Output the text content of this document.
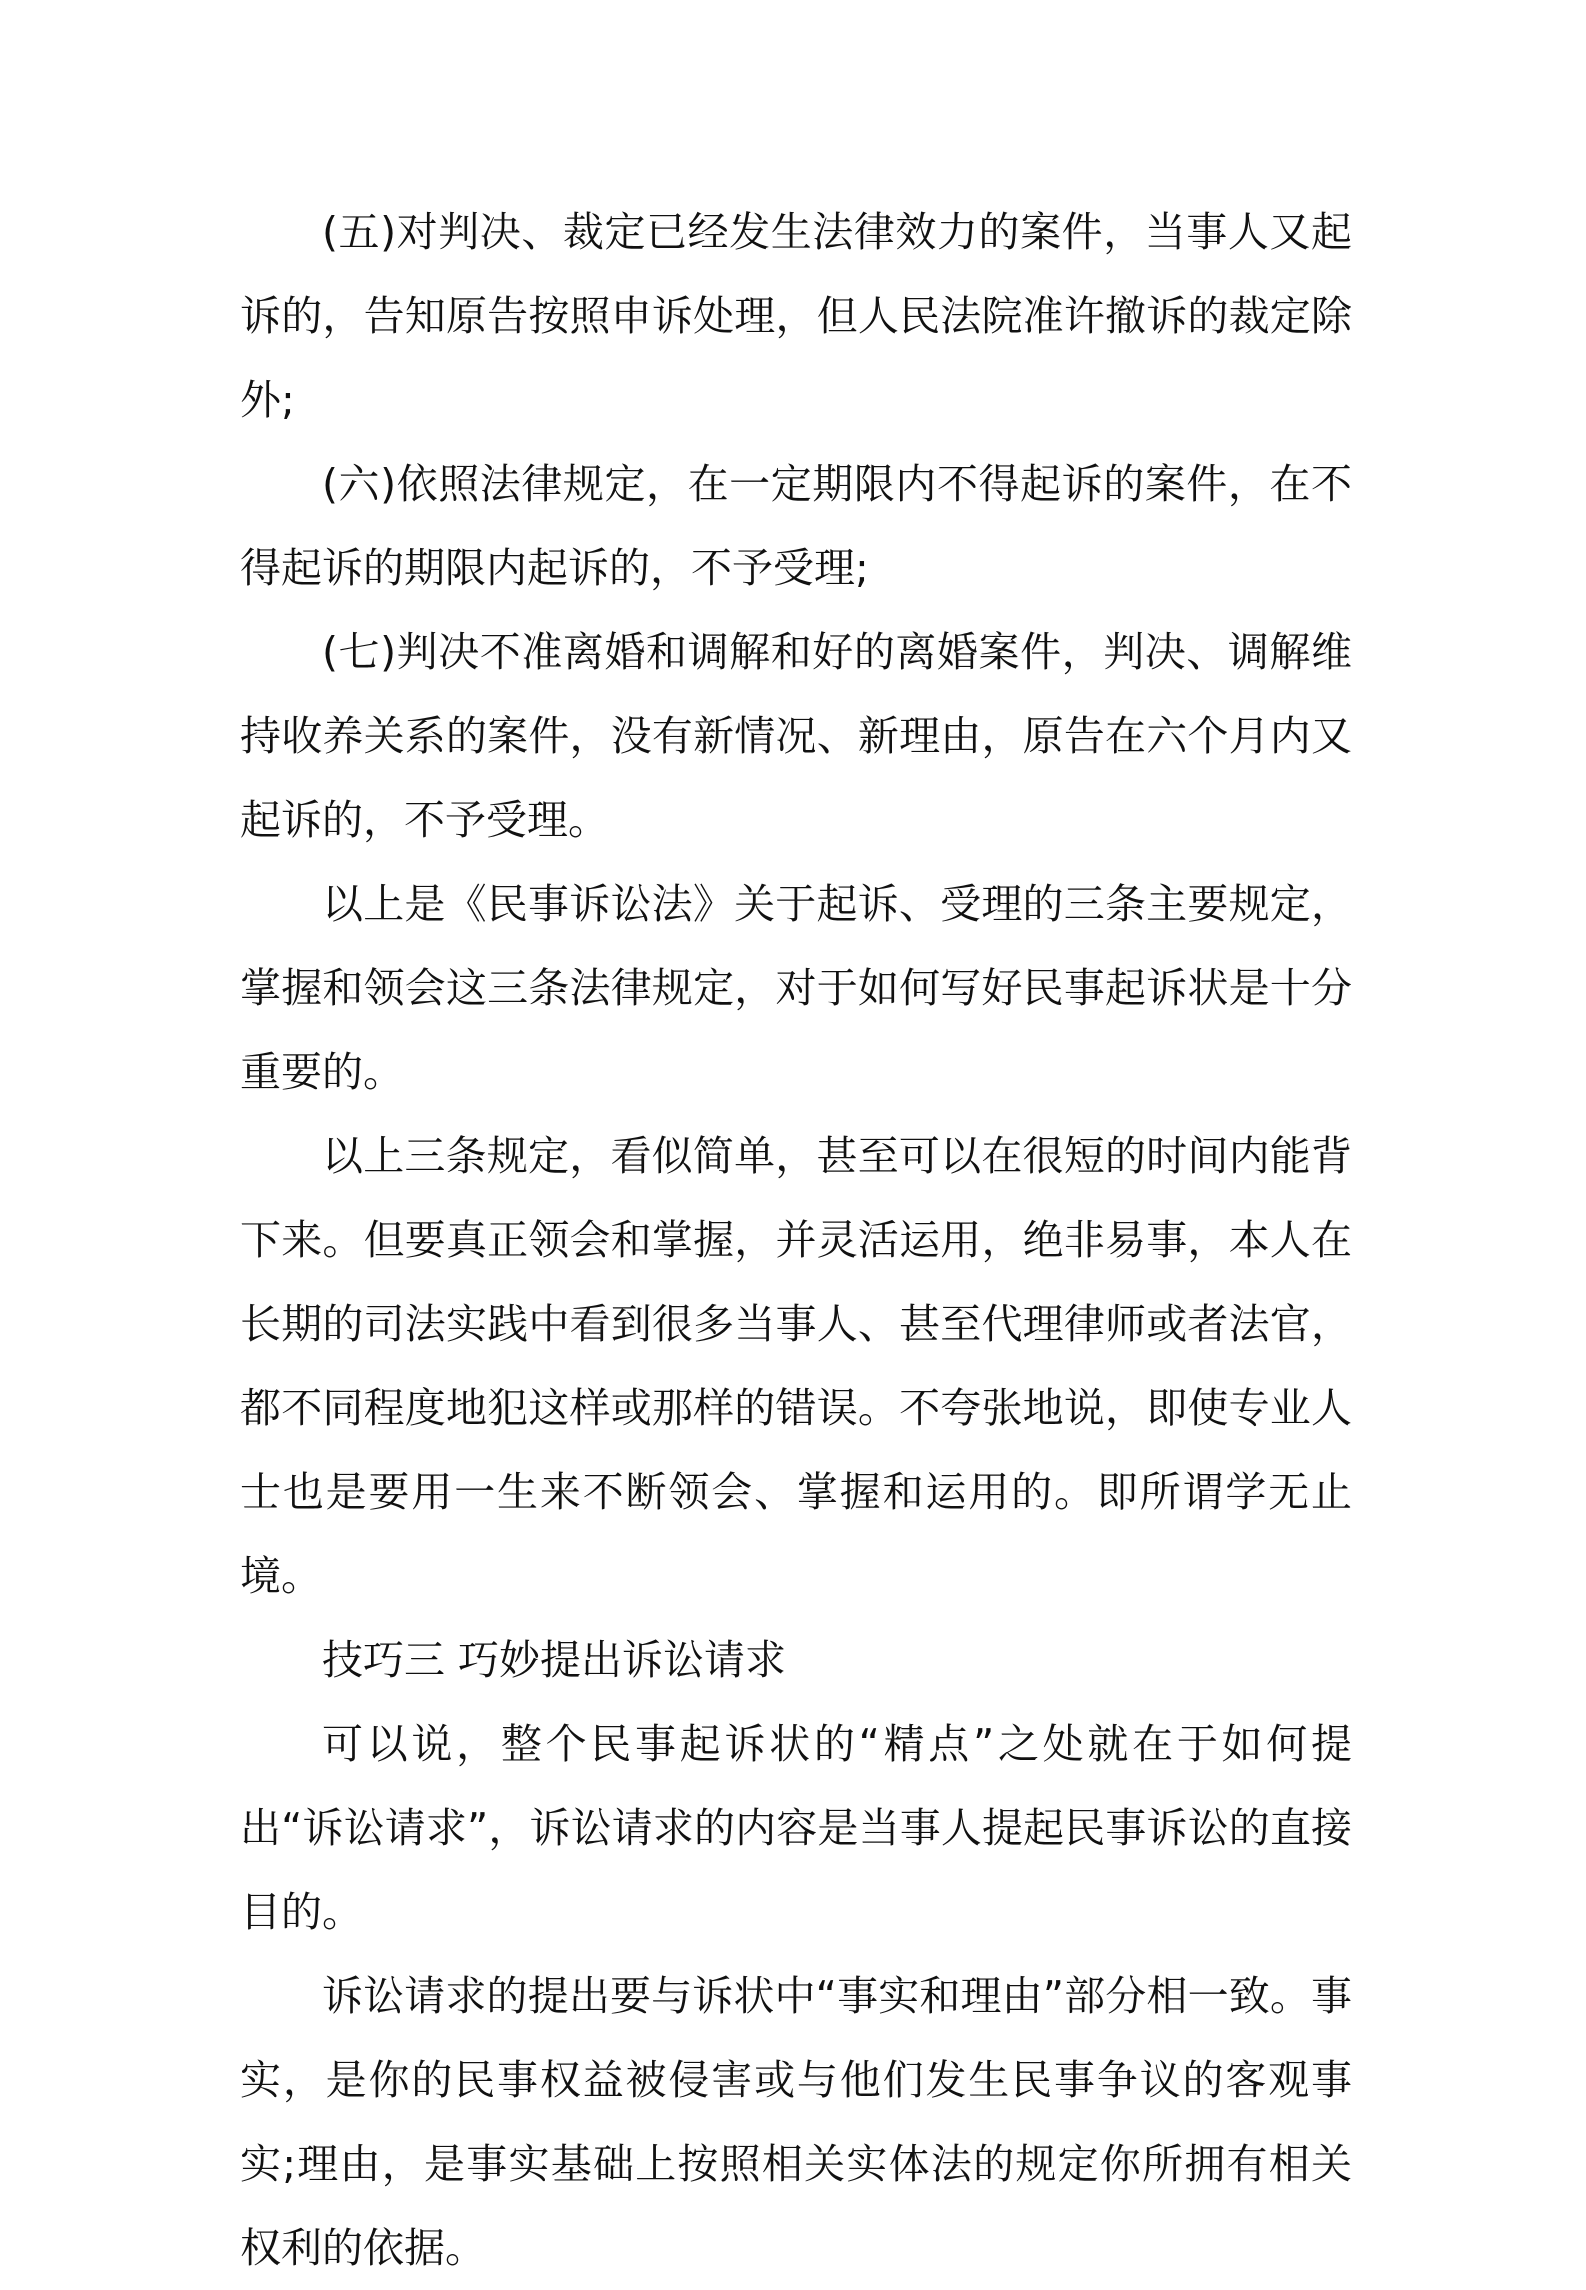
(五)对判决、裁定已经发生法律效力的案件，当事人又起诉的，告知原告按照申诉处理，但人民法院准许撤诉的裁定除外;

(六)依照法律规定，在一定期限内不得起诉的案件，在不得起诉的期限内起诉的，不予受理;

(七)判决不准离婚和调解和好的离婚案件，判决、调解维持收养关系的案件，没有新情况、新理由，原告在六个月内又起诉的，不予受理。

以上是《民事诉讼法》关于起诉、受理的三条主要规定，掌握和领会这三条法律规定，对于如何写好民事起诉状是十分重要的。

以上三条规定，看似简单，甚至可以在很短的时间内能背下来。但要真正领会和掌握，并灵活运用，绝非易事，本人在长期的司法实践中看到很多当事人、甚至代理律师或者法官，都不同程度地犯这样或那样的错误。不夸张地说，即使专业人士也是要用一生来不断领会、掌握和运用的。即所谓学无止境。

技巧三 巧妙提出诉讼请求

可以说，整个民事起诉状的“精点”之处就在于如何提出“诉讼请求”，诉讼请求的内容是当事人提起民事诉讼的直接目的。

诉讼请求的提出要与诉状中“事实和理由”部分相一致。事实，是你的民事权益被侵害或与他们发生民事争议的客观事实;理由，是事实基础上按照相关实体法的规定你所拥有相关权利的依据。
